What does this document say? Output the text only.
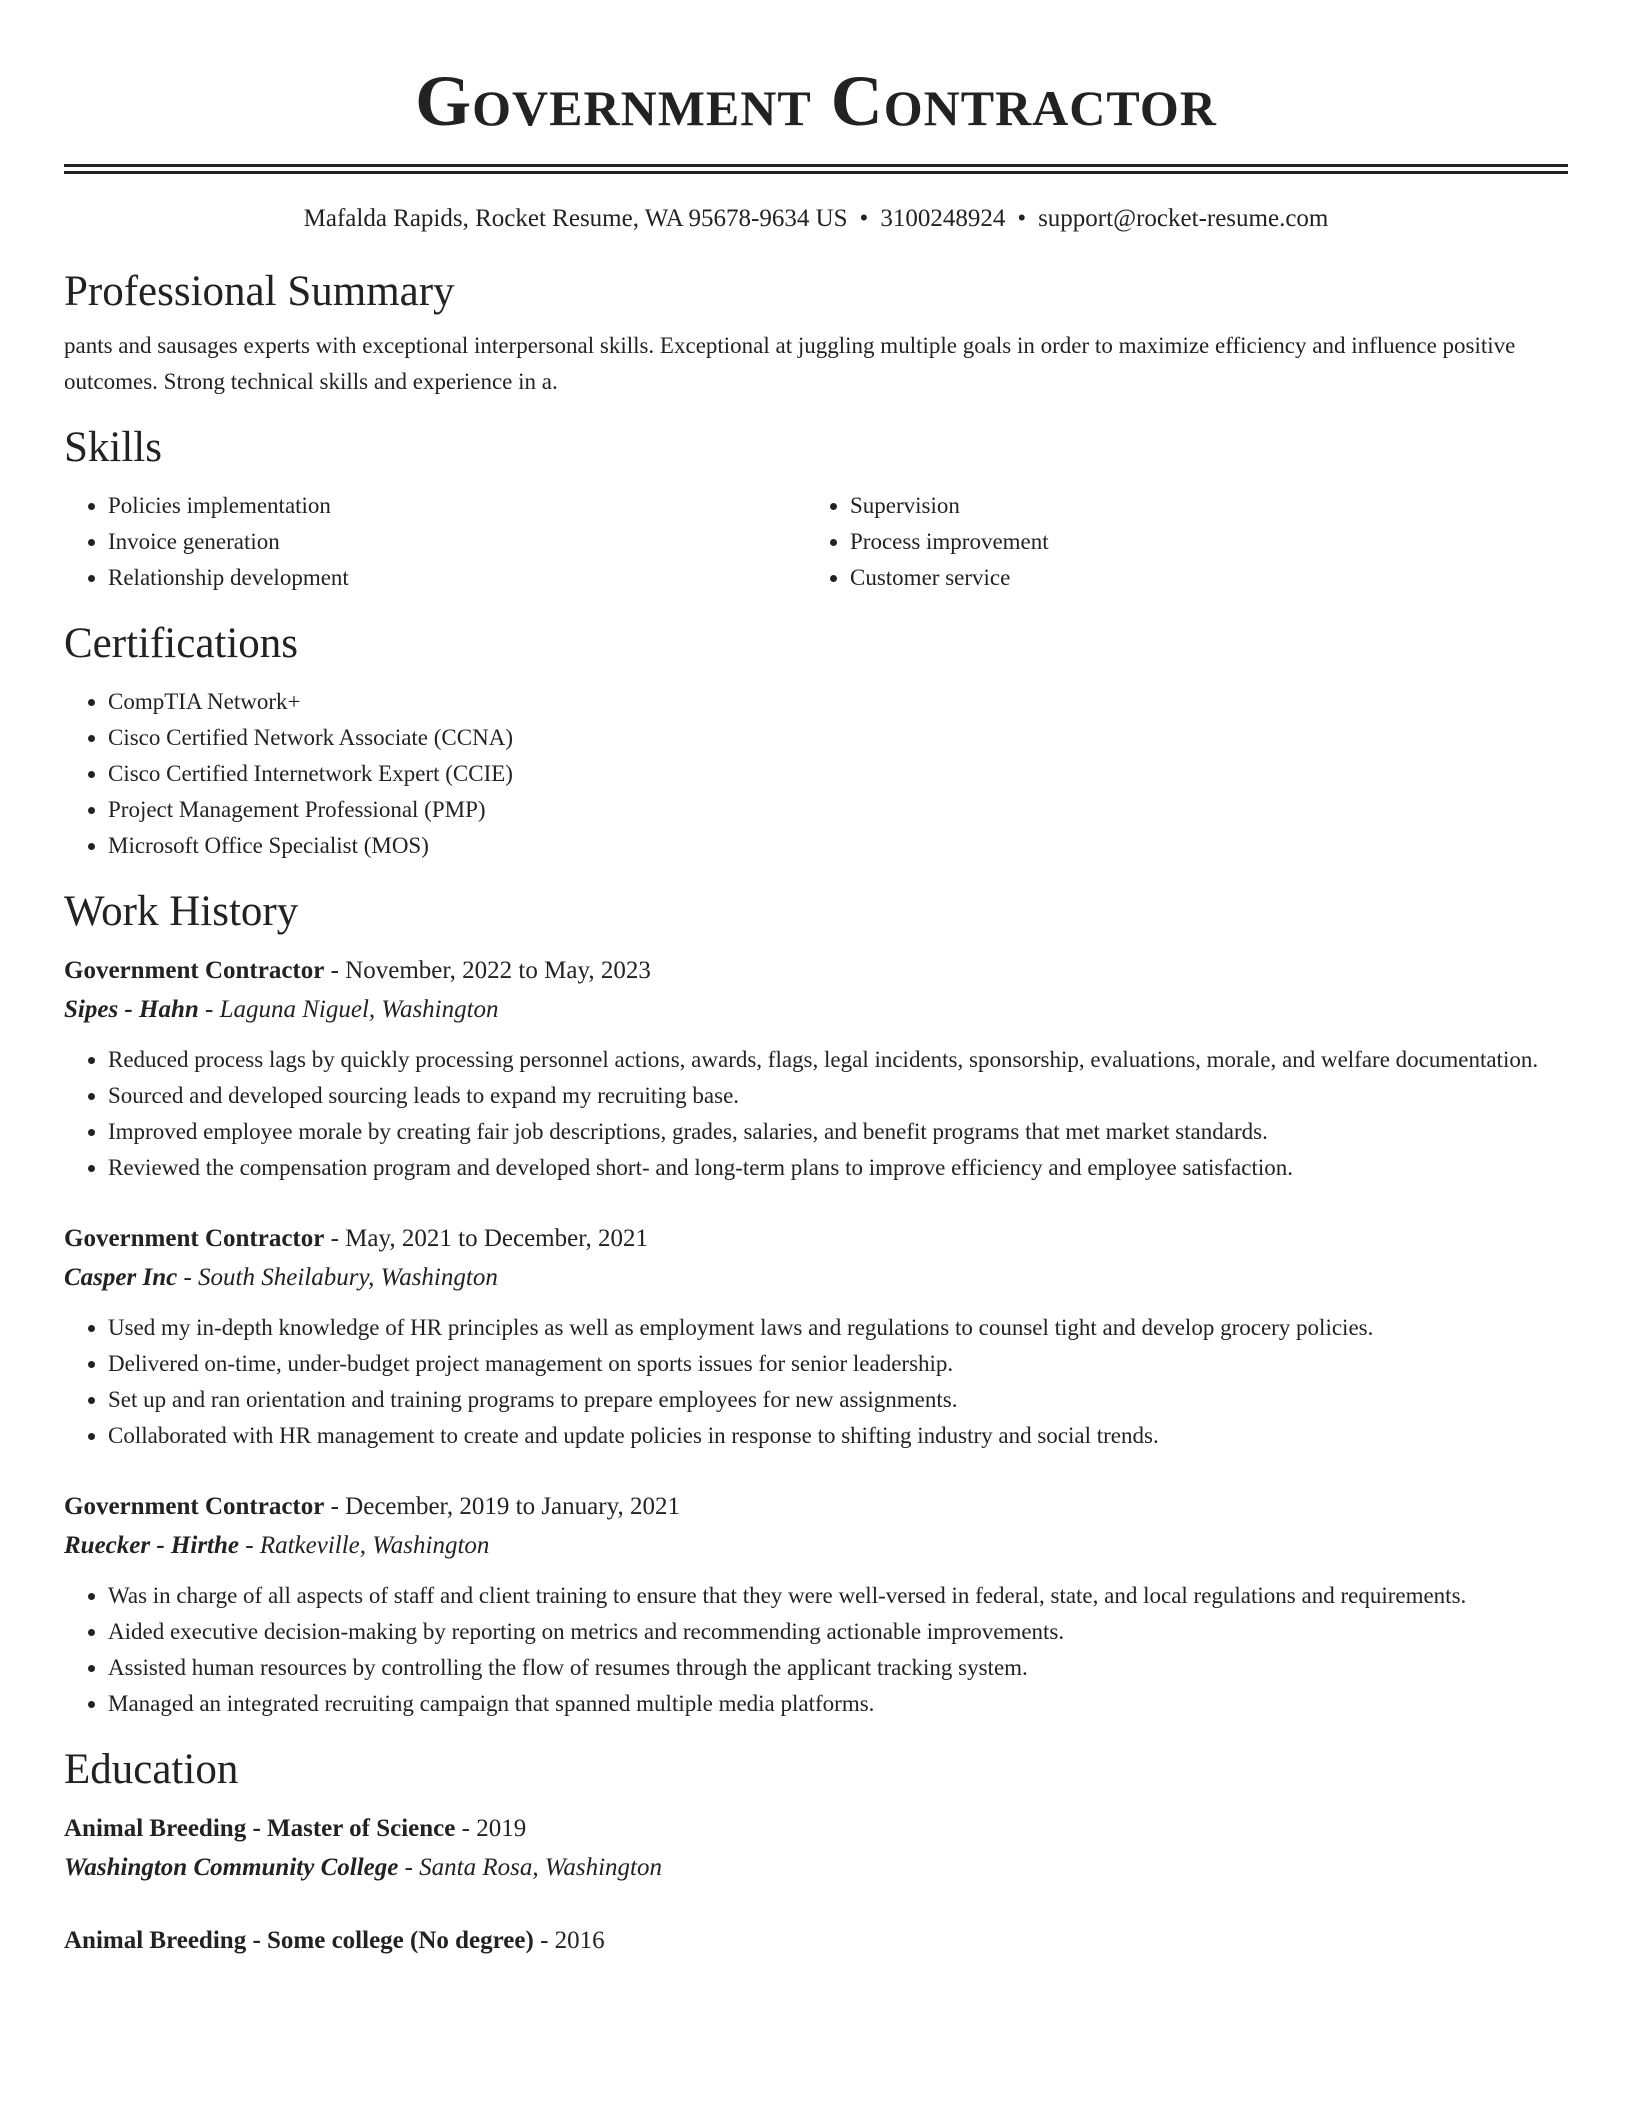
Government Contractor
Mafalda Rapids, Rocket Resume, WA 95678-9634 US • 3100248924 • support@rocket-resume.com
Professional Summary
pants and sausages experts with exceptional interpersonal skills. Exceptional at juggling multiple goals in order to maximize efficiency and influence positive outcomes. Strong technical skills and experience in a.
Skills
• Policies implementation
• Invoice generation
• Relationship development
• Supervision
• Process improvement
• Customer service
Certifications
• CompTIA Network+
• Cisco Certified Network Associate (CCNA)
• Cisco Certified Internetwork Expert (CCIE)
• Project Management Professional (PMP)
• Microsoft Office Specialist (MOS)
Work History
Government Contractor - November, 2022 to May, 2023
Sipes - Hahn - Laguna Niguel, Washington
• Reduced process lags by quickly processing personnel actions, awards, flags, legal incidents, sponsorship, evaluations, morale, and welfare documentation.
• Sourced and developed sourcing leads to expand my recruiting base.
• Improved employee morale by creating fair job descriptions, grades, salaries, and benefit programs that met market standards.
• Reviewed the compensation program and developed short- and long-term plans to improve efficiency and employee satisfaction.
Government Contractor - May, 2021 to December, 2021
Casper Inc - South Sheilabury, Washington
• Used my in-depth knowledge of HR principles as well as employment laws and regulations to counsel tight and develop grocery policies.
• Delivered on-time, under-budget project management on sports issues for senior leadership.
• Set up and ran orientation and training programs to prepare employees for new assignments.
• Collaborated with HR management to create and update policies in response to shifting industry and social trends.
Government Contractor - December, 2019 to January, 2021
Ruecker - Hirthe - Ratkeville, Washington
• Was in charge of all aspects of staff and client training to ensure that they were well-versed in federal, state, and local regulations and requirements.
• Aided executive decision-making by reporting on metrics and recommending actionable improvements.
• Assisted human resources by controlling the flow of resumes through the applicant tracking system.
• Managed an integrated recruiting campaign that spanned multiple media platforms.
Education
Animal Breeding - Master of Science - 2019
Washington Community College - Santa Rosa, Washington
Animal Breeding - Some college (No degree) - 2016
